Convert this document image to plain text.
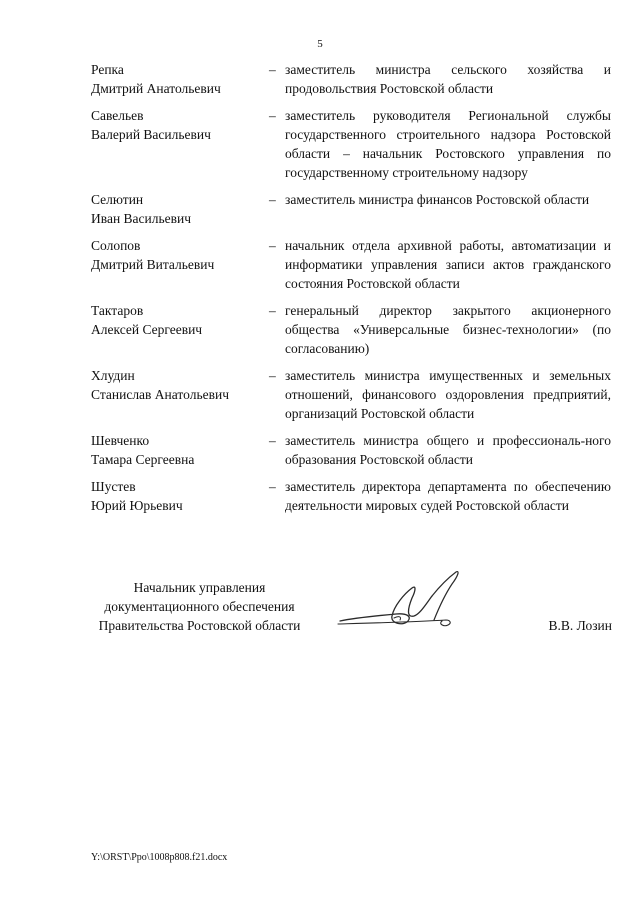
5
Репка
Дмитрий Анатольевич
– заместитель министра сельского хозяйства и продовольствия Ростовской области
Савельев
Валерий Васильевич
– заместитель руководителя Региональной службы государственного строительного надзора Ростовской области – начальник Ростовского управления по государственному строительному надзору
Селютин
Иван Васильевич
– заместитель министра финансов Ростовской области
Солопов
Дмитрий Витальевич
– начальник отдела архивной работы, автоматизации и информатики управления записи актов гражданского состояния Ростовской области
Тактаров
Алексей Сергеевич
– генеральный директор закрытого акционерного общества «Универсальные бизнес-технологии» (по согласованию)
Хлудин
Станислав Анатольевич
– заместитель министра имущественных и земельных отношений, финансового оздоровления предприятий, организаций Ростовской области
Шевченко
Тамара Сергеевна
– заместитель министра общего и профессиональ-ного образования Ростовской области
Шустев
Юрий Юрьевич
– заместитель директора департамента по обеспечению деятельности мировых судей Ростовской области
Начальник управления
документационного обеспечения
Правительства Ростовской области	В.В. Лозин
Y:\ORST\Ppo\1008p808.f21.docx
